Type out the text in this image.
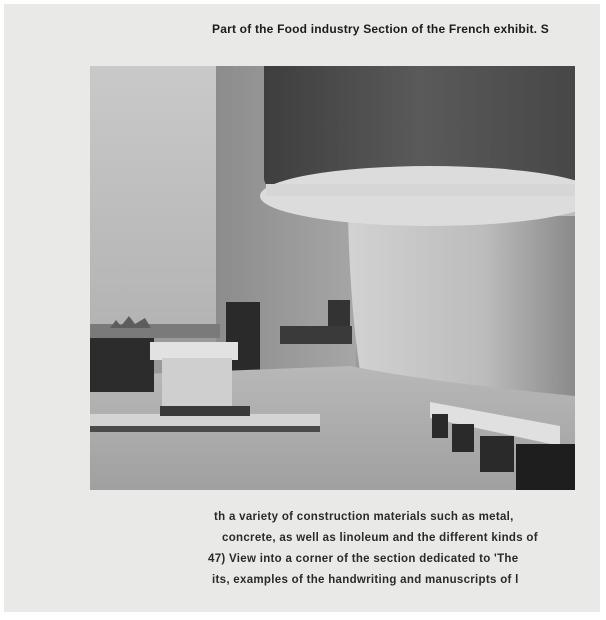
Part of the Food industry Section of the French exhibit. S
th a variety of construction materials such as metal,
concrete, as well as linoleum and the different kinds of
47) View into a corner of the section dedicated to 'The
its, examples of the handwriting and manuscripts of l
